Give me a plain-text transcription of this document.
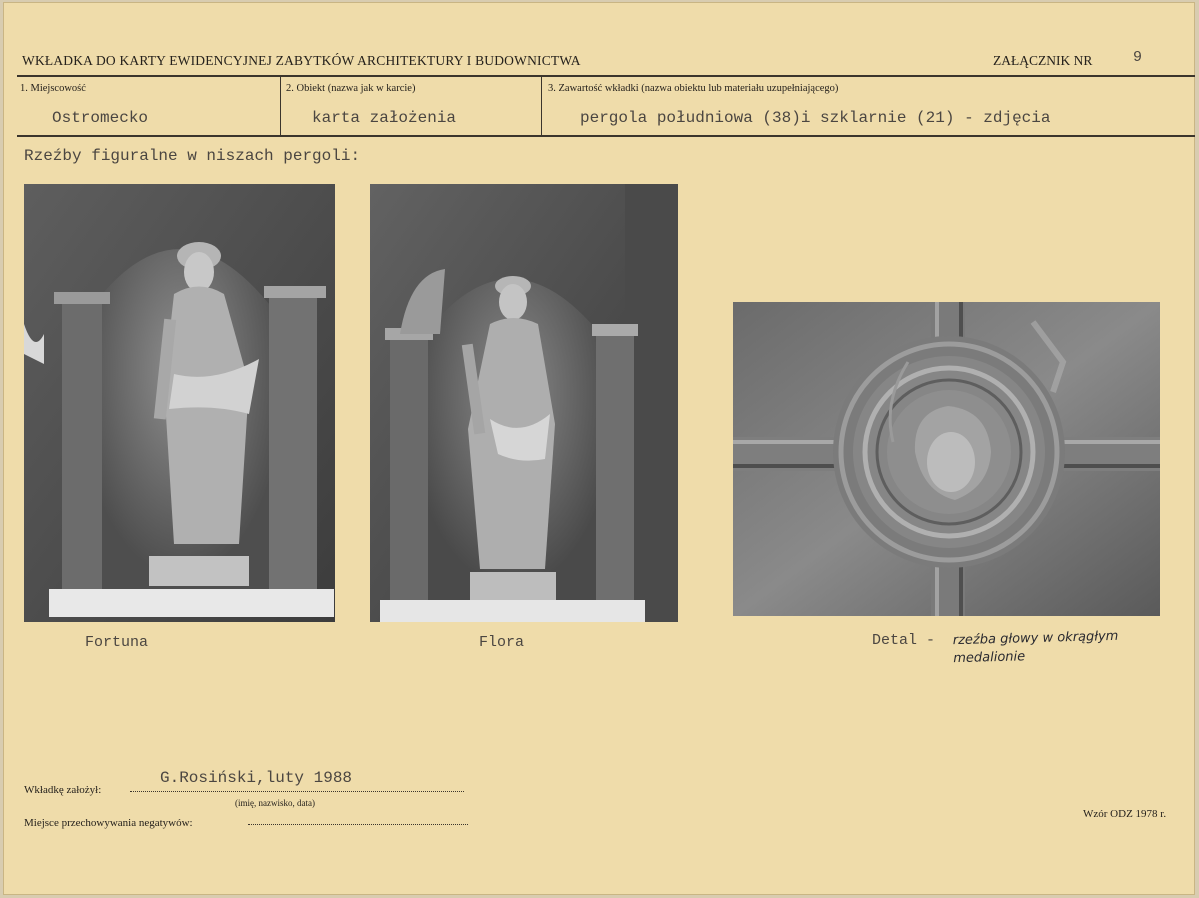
WKŁADKA DO KARTY EWIDENCYJNEJ ZABYTKÓW ARCHITEKTURY I BUDOWNICTWA	ZAŁĄCZNIK NR	9
1. Miejscowość
Ostromecko
2. Obiekt (nazwa jak w karcie)
karta założenia
3. Zawartość wkładki (nazwa obiektu lub materiału uzupełniającego)
pergola południowa (38)i szklarnie (21) - zdjęcia
Rzeźby figuralne w niszach pergoli:
Fortuna	Flora	Detal - rzeźba głowy w okrągłym
medalionie
Wkładkę założył:
G.Rosiński,luty 1988
(imię, nazwisko, data)
Miejsce przechowywania negatywów:
Wzór ODZ 1978 r.
